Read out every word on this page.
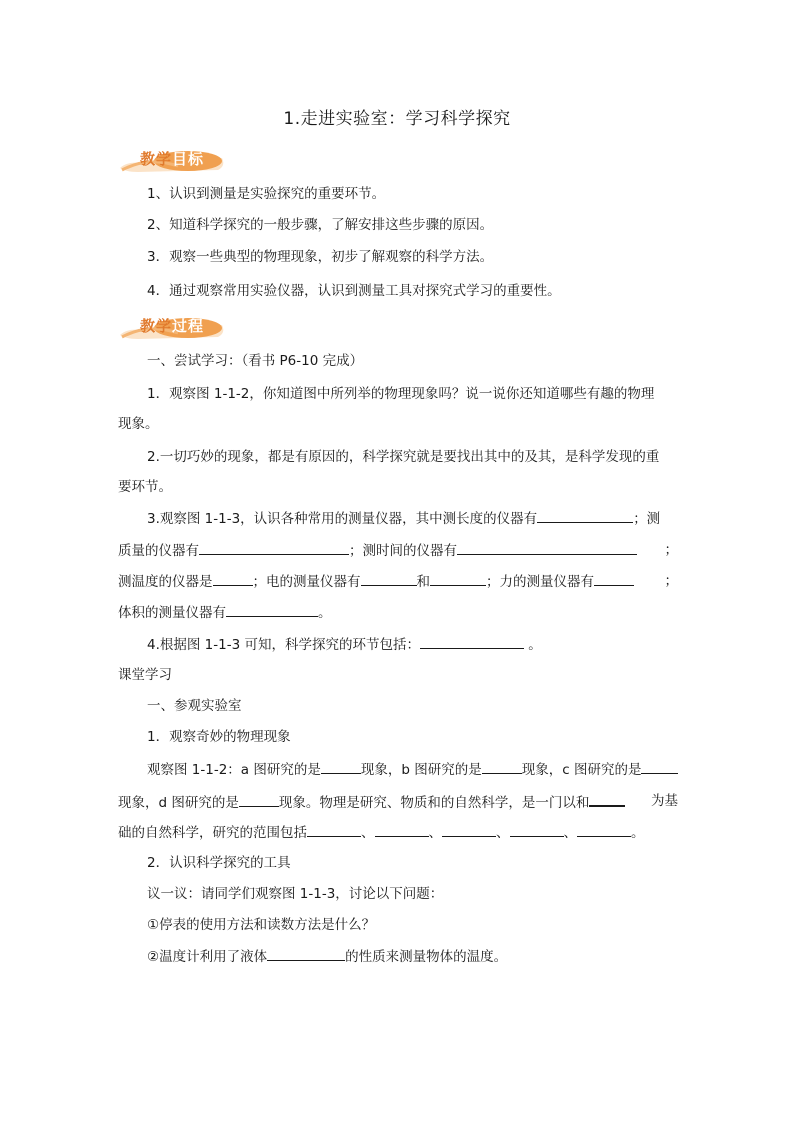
1.走进实验室：学习科学探究
教学目标
1、认识到测量是实验探究的重要环节。
2、知道科学探究的一般步骤，了解安排这些步骤的原因。
3．观察一些典型的物理现象，初步了解观察的科学方法。
4．通过观察常用实验仪器，认识到测量工具对探究式学习的重要性。
教学过程
一、尝试学习：（看书 P6-10 完成）
1．观察图 1-1-2，你知道图中所列举的物理现象吗？说一说你还知道哪些有趣的物理
现象。
2.一切巧妙的现象，都是有原因的，科学探究就是要找出其中的及其，是科学发现的重
要环节。
3.观察图 1-1-3，认识各种常用的测量仪器，其中测长度的仪器有	；测
质量的仪器有	；测时间的仪器有	；
测温度的仪器是	；电的测量仪器有	和	；力的测量仪器有	；
体积的测量仪器有	。
4.根据图 1-1-3 可知，科学探究的环节包括：	。
课堂学习
一、参观实验室
1．观察奇妙的物理现象
观察图 1-1-2：a 图研究的是	现象，b 图研究的是	现象，c 图研究的是
现象，d 图研究的是	现象。物理是研究、物质和的自然科学，是一门以和	为基
础的自然科学，研究的范围包括	、	、	、	、	。
2．认识科学探究的工具
议一议：请同学们观察图 1-1-3，讨论以下问题：
①停表的使用方法和读数方法是什么？
②温度计利用了液体	的性质来测量物体的温度。
